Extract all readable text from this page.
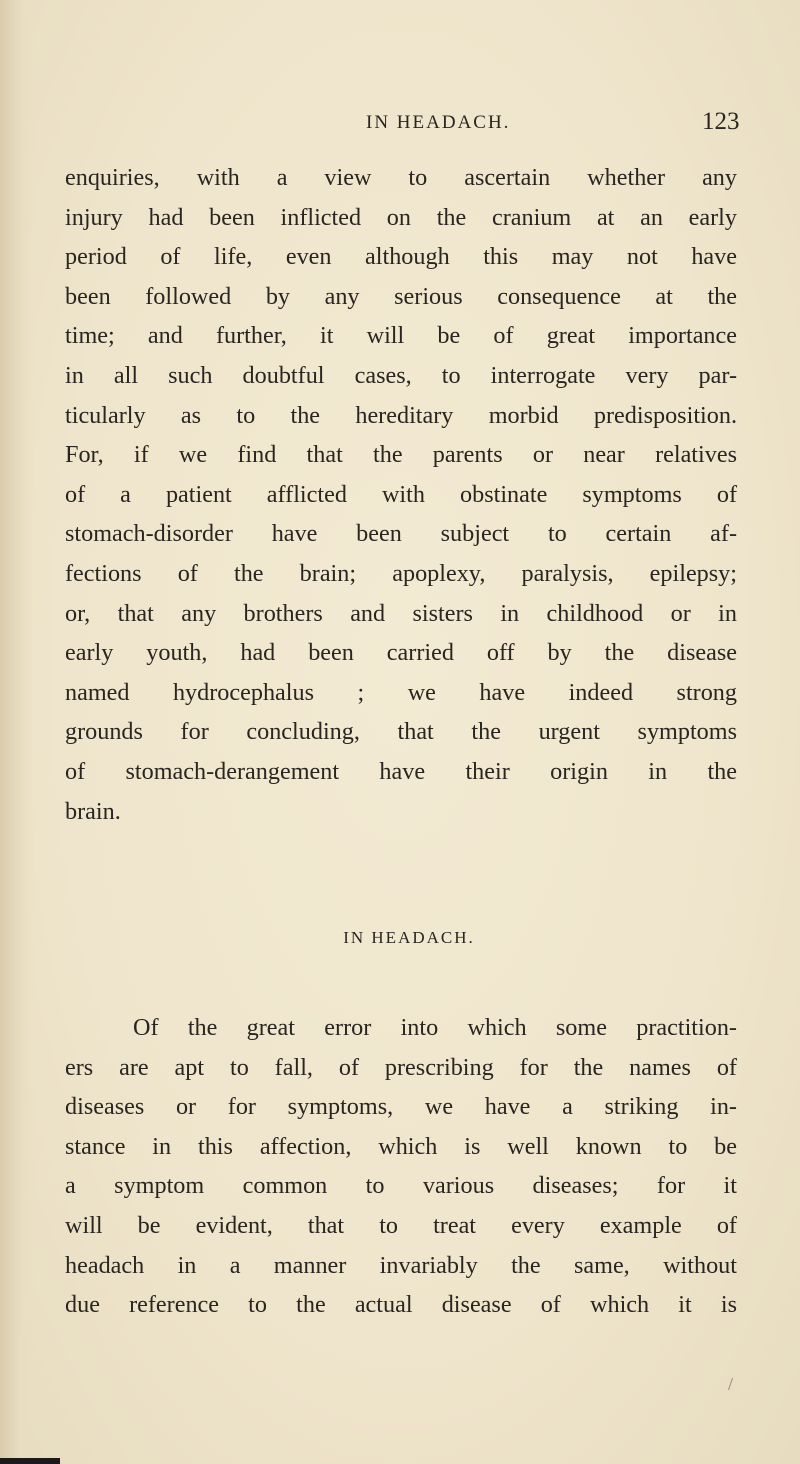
IN HEADACH.	123
enquiries, with a view to ascertain whether any
injury had been inflicted on the cranium at an early
period of life, even although this may not have
been followed by any serious consequence at the
time; and further, it will be of great importance
in all such doubtful cases, to interrogate very par-
ticularly as to the hereditary morbid predisposition.
For, if we find that the parents or near relatives
of a patient afflicted with obstinate symptoms of
stomach-disorder have been subject to certain af-
fections of the brain; apoplexy, paralysis, epilepsy;
or, that any brothers and sisters in childhood or in
early youth, had been carried off by the disease
named hydrocephalus ; we have indeed strong
grounds for concluding, that the urgent symptoms
of stomach-derangement have their origin in the
brain.
IN HEADACH.
Of the great error into which some practition-
ers are apt to fall, of prescribing for the names of
diseases or for symptoms, we have a striking in-
stance in this affection, which is well known to be
a symptom common to various diseases; for it
will be evident, that to treat every example of
headach in a manner invariably the same, without
due reference to the actual disease of which it is
/
